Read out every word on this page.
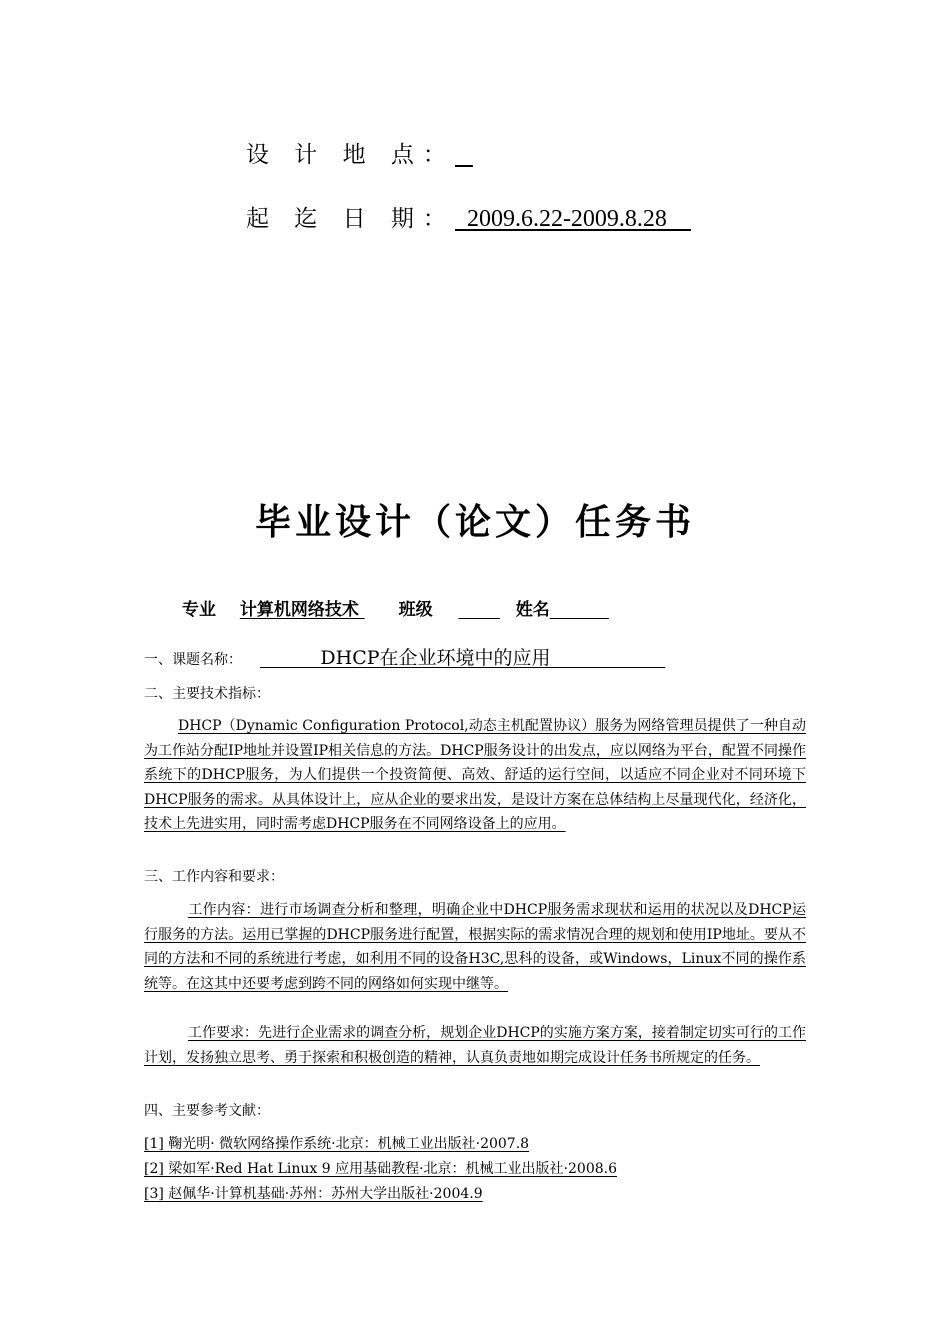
设 计 地 点：
起 迄 日 期：  2009.6.22-2009.8.28
毕业设计（论文）任务书
专业 计算机网络技术   班级	姓名
一、课题名称： DHCP在企业环境中的应用
二、主要技术指标：
DHCP（Dynamic Configuration Protocol,动态主机配置协议）服务为网络管理员提供了一种自动为工作站分配IP地址并设置IP相关信息的方法。DHCP服务设计的出发点，应以网络为平台，配置不同操作系统下的DHCP服务，为人们提供一个投资简便、高效、舒适的运行空间，以适应不同企业对不同环境下DHCP服务的需求。从具体设计上，应从企业的要求出发，是设计方案在总体结构上尽量现代化，经济化，技术上先进实用，同时需考虑DHCP服务在不同网络设备上的应用。
三、工作内容和要求：
工作内容：进行市场调查分析和整理，明确企业中DHCP服务需求现状和运用的状况以及DHCP运行服务的方法。运用已掌握的DHCP服务进行配置，根据实际的需求情况合理的规划和使用IP地址。要从不同的方法和不同的系统进行考虑，如利用不同的设备H3C,思科的设备，或Windows，Linux不同的操作系统等。在这其中还要考虑到跨不同的网络如何实现中继等。
工作要求：先进行企业需求的调查分析，规划企业DHCP的实施方案方案，接着制定切实可行的工作计划，发扬独立思考、勇于探索和积极创造的精神，认真负责地如期完成设计任务书所规定的任务。
四、主要参考文献：
[1] 鞠光明· 微软网络操作系统·北京：机械工业出版社·2007.8
[2] 梁如军·Red Hat Linux 9 应用基础教程·北京：机械工业出版社·2008.6
[3] 赵佩华·计算机基础·苏州：苏州大学出版社·2004.9
